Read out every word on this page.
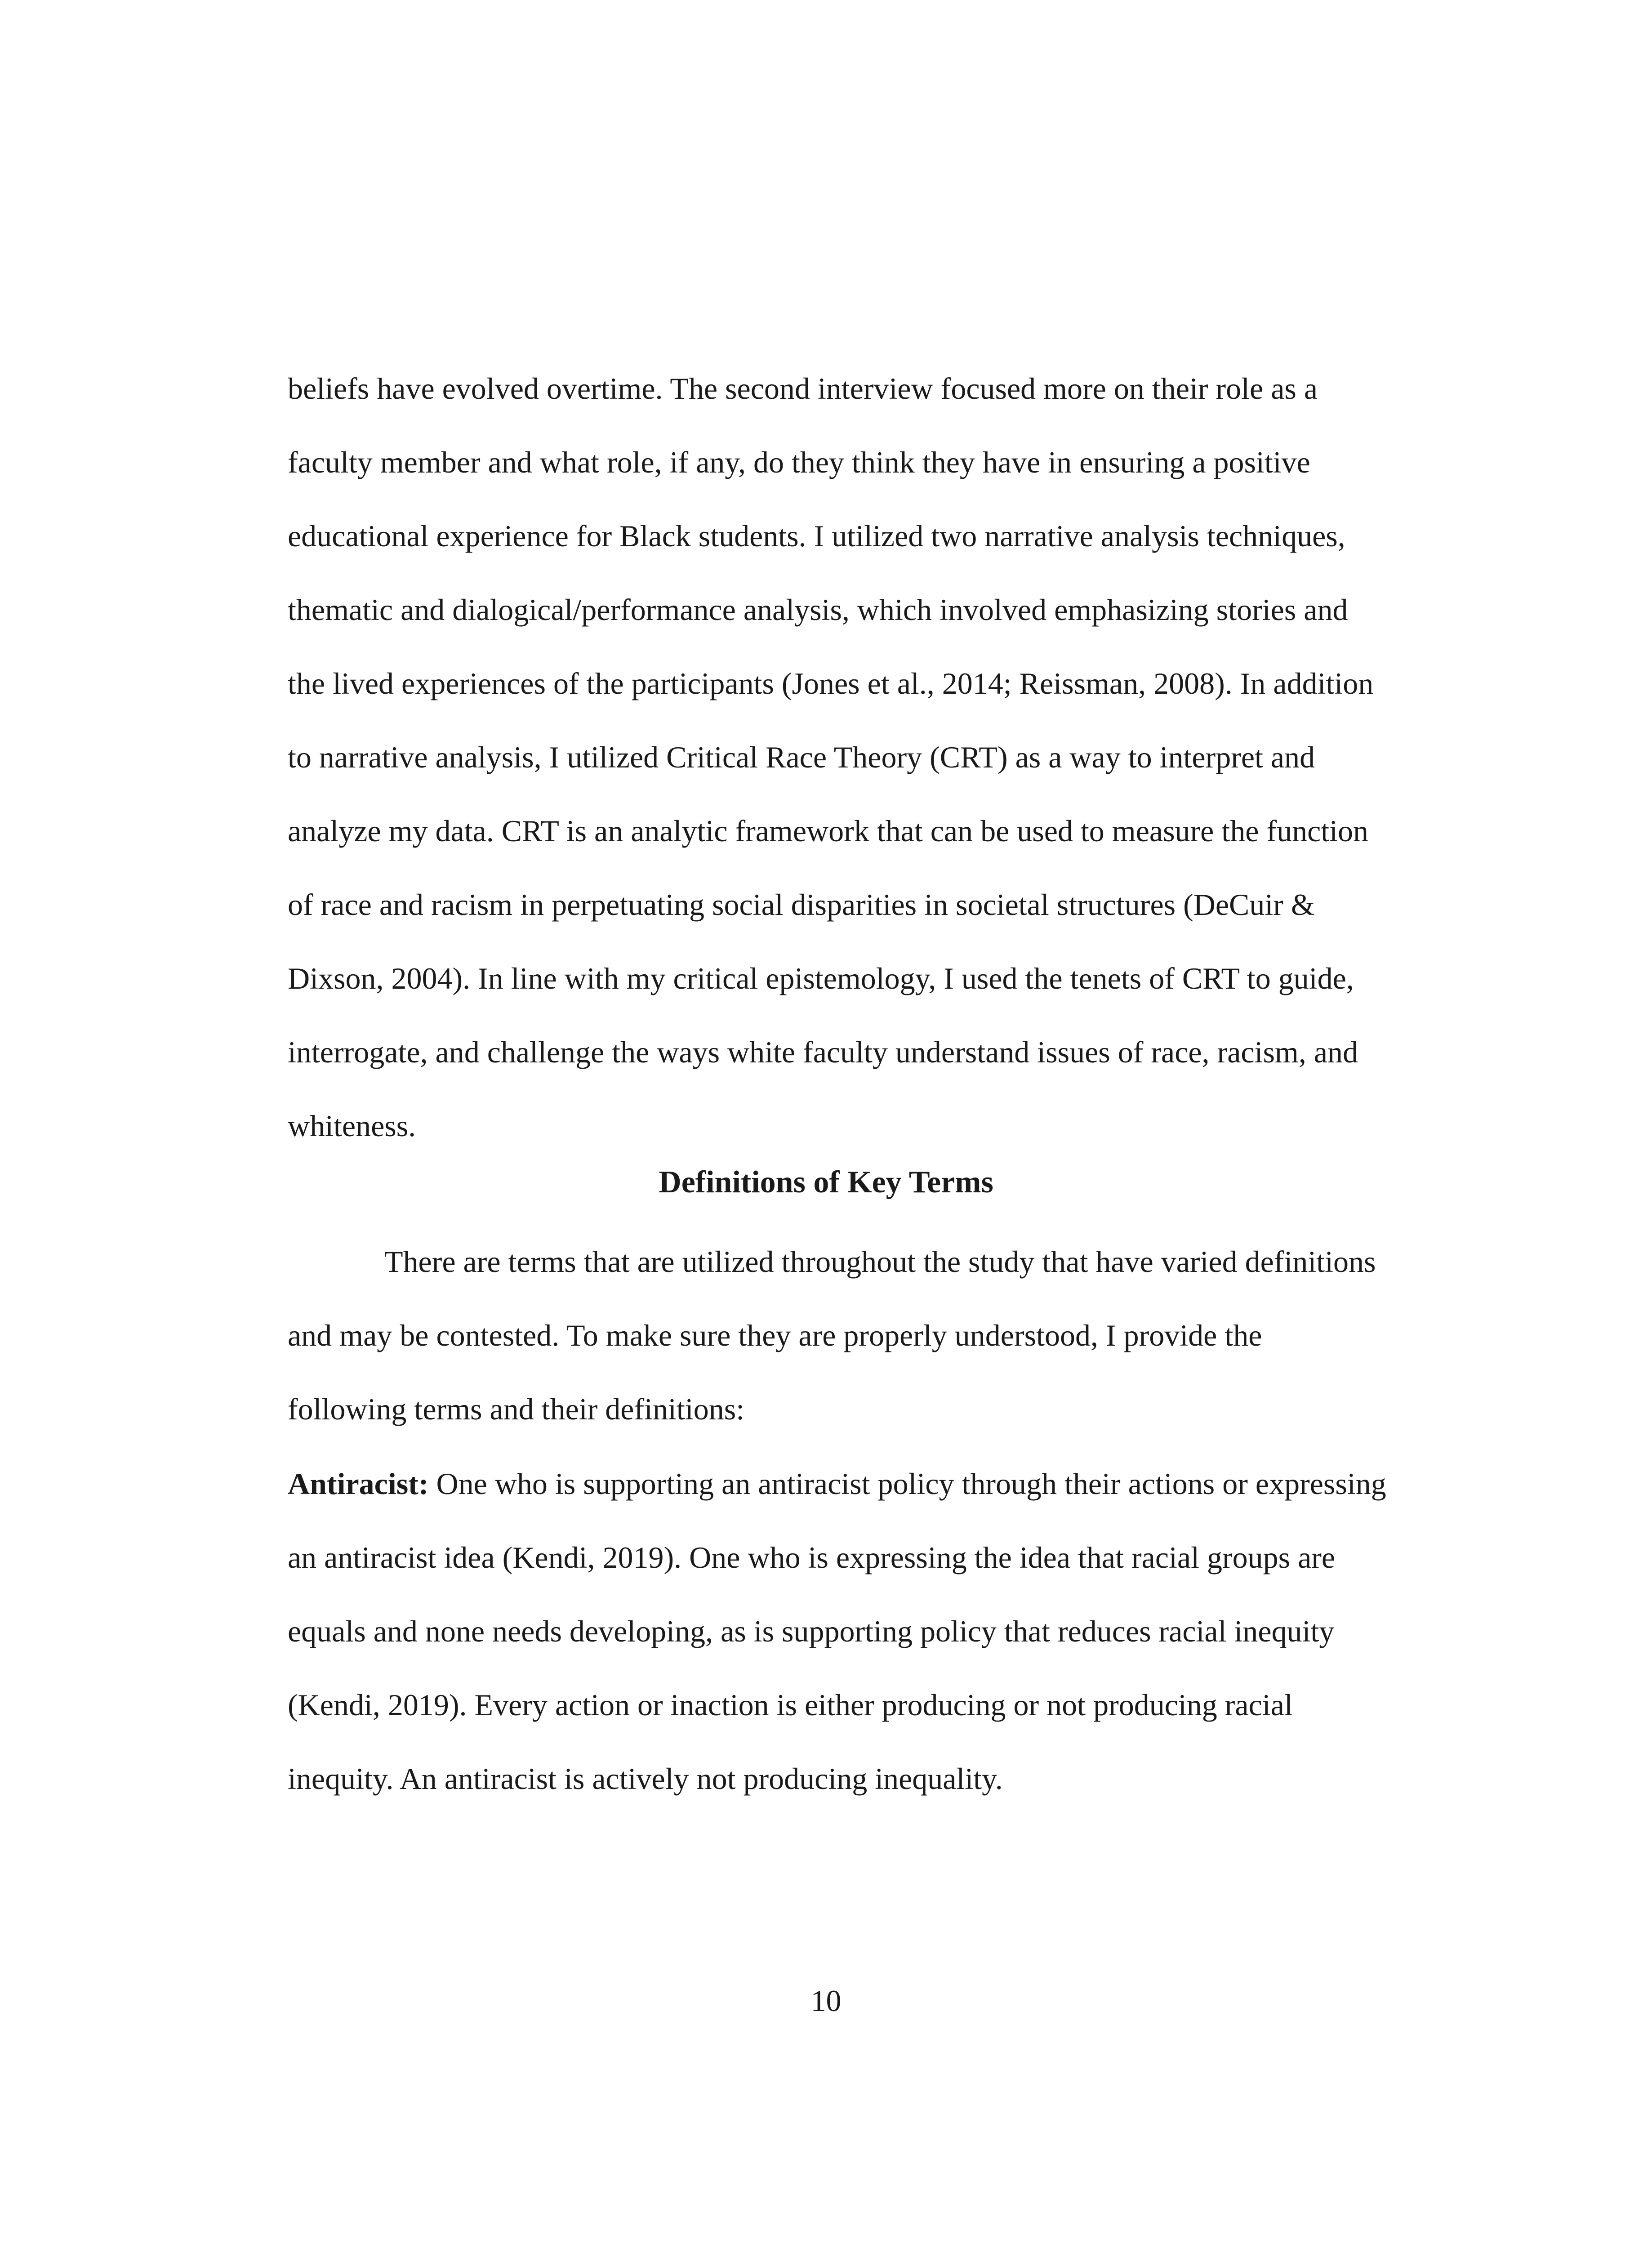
beliefs have evolved overtime. The second interview focused more on their role as a
faculty member and what role, if any, do they think they have in ensuring a positive
educational experience for Black students. I utilized two narrative analysis techniques,
thematic and dialogical/performance analysis, which involved emphasizing stories and
the lived experiences of the participants (Jones et al., 2014; Reissman, 2008). In addition
to narrative analysis, I utilized Critical Race Theory (CRT) as a way to interpret and
analyze my data. CRT is an analytic framework that can be used to measure the function
of race and racism in perpetuating social disparities in societal structures (DeCuir &
Dixson, 2004). In line with my critical epistemology, I used the tenets of CRT to guide,
interrogate, and challenge the ways white faculty understand issues of race, racism, and
whiteness.
Definitions of Key Terms
There are terms that are utilized throughout the study that have varied definitions
and may be contested. To make sure they are properly understood, I provide the
following terms and their definitions:
Antiracist: One who is supporting an antiracist policy through their actions or expressing
an antiracist idea (Kendi, 2019). One who is expressing the idea that racial groups are
equals and none needs developing, as is supporting policy that reduces racial inequity
(Kendi, 2019). Every action or inaction is either producing or not producing racial
inequity. An antiracist is actively not producing inequality.
10
